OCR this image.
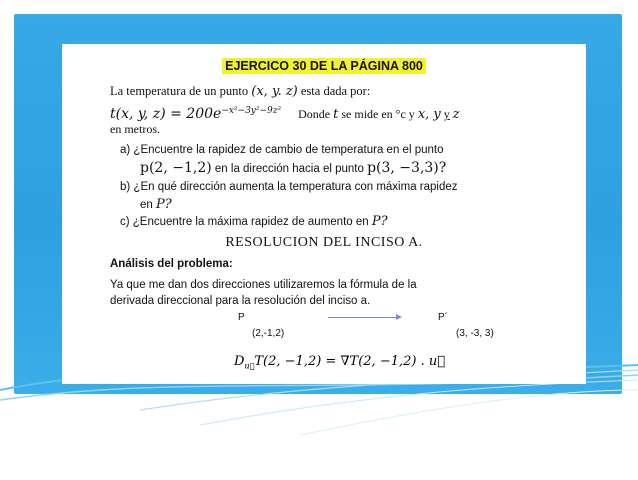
EJERCICO 30 DE LA PÁGINA 800
La temperatura de un punto (x, y. z) esta dada por:
t(x, y, $z) = 200e^{-x^2-3y^2-9z^2}$ Donde t se mide en °c y x, y y z
en metros.
a) ¿Encuentre la rapidez de cambio de temperatura en el punto
p(2, −1,2) en la dirección hacia el punto p(3, −3,3)?
b) ¿En qué dirección aumenta la temperatura con máxima rapidez
en P?
c) ¿Encuentre la máxima rapidez de aumento en P?
RESOLUCION DEL INCISO A.
Análisis del problema:
Ya que me dan dos direcciones utilizaremos la fórmula de la
derivada direccional para la resolución del inciso a.
P
(2,-1,2)
P´
(3, -3, 3)
$D_{u⃗}T(2$, −1,2) = ∇T(2, −1,2) . u⃗
